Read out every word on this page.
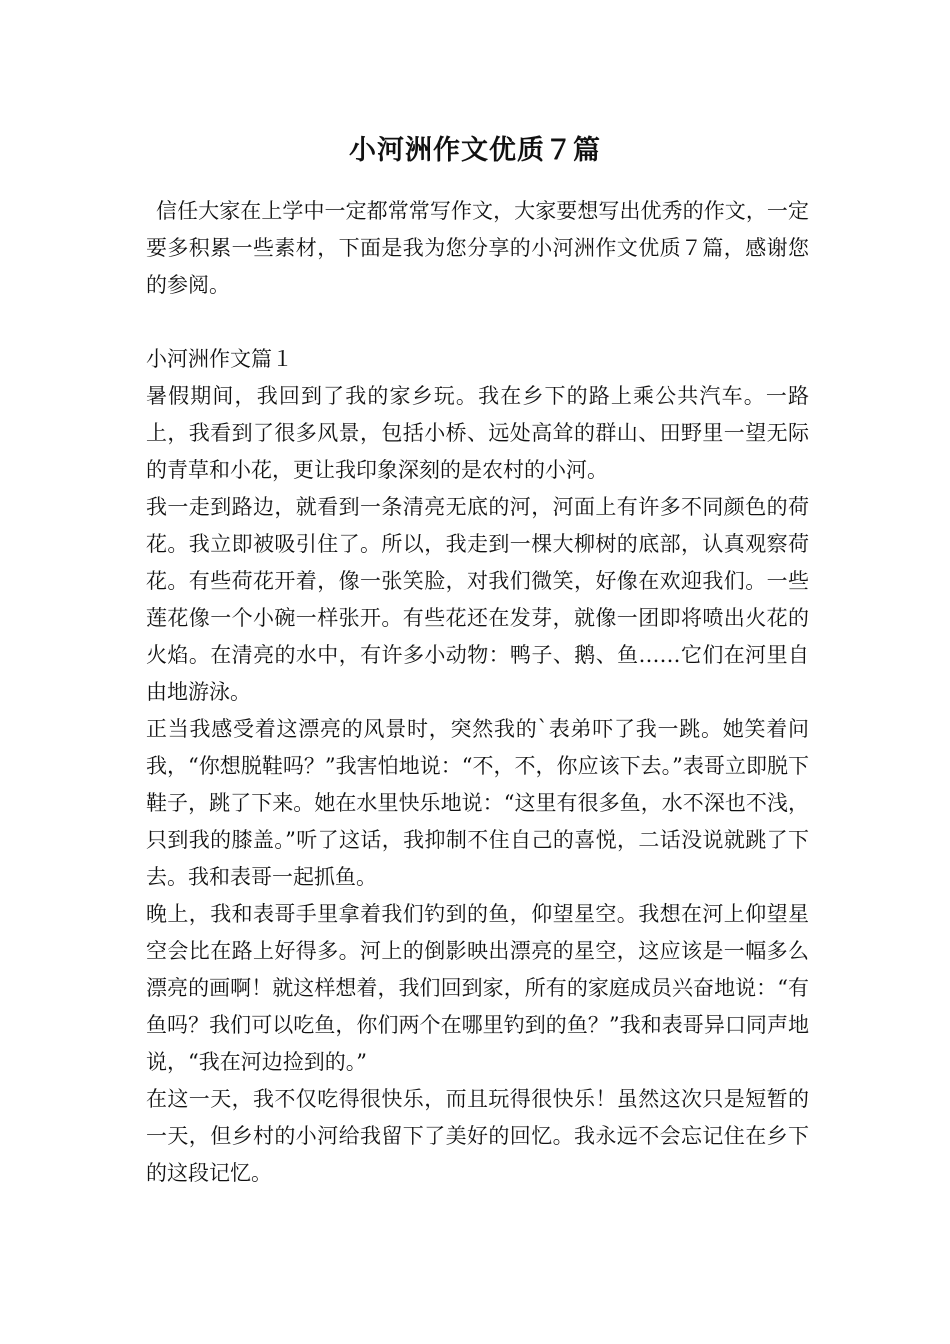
小河洲作文优质７篇

信任大家在上学中一定都常常写作文，大家要想写出优秀的作文，一定要多积累一些素材，下面是我为您分享的小河洲作文优质７篇，感谢您的参阅。

小河洲作文篇１

暑假期间，我回到了我的家乡玩。我在乡下的路上乘公共汽车。一路上，我看到了很多风景，包括小桥、远处高耸的群山、田野里一望无际的青草和小花，更让我印象深刻的是农村的小河。

我一走到路边，就看到一条清亮无底的河，河面上有许多不同颜色的荷花。我立即被吸引住了。所以，我走到一棵大柳树的底部，认真观察荷花。有些荷花开着，像一张笑脸，对我们微笑，好像在欢迎我们。一些莲花像一个小碗一样张开。有些花还在发芽，就像一团即将喷出火花的火焰。在清亮的水中，有许多小动物：鸭子、鹅、鱼……它们在河里自由地游泳。

正当我感受着这漂亮的风景时，突然我的`表弟吓了我一跳。她笑着问我，“你想脱鞋吗？”我害怕地说：“不，不，你应该下去。”表哥立即脱下鞋子，跳了下来。她在水里快乐地说：“这里有很多鱼，水不深也不浅，只到我的膝盖。”听了这话，我抑制不住自己的喜悦，二话没说就跳了下去。我和表哥一起抓鱼。

晚上，我和表哥手里拿着我们钓到的鱼，仰望星空。我想在河上仰望星空会比在路上好得多。河上的倒影映出漂亮的星空，这应该是一幅多么漂亮的画啊！就这样想着，我们回到家，所有的家庭成员兴奋地说：“有鱼吗？我们可以吃鱼，你们两个在哪里钓到的鱼？”我和表哥异口同声地说，“我在河边捡到的。”

在这一天，我不仅吃得很快乐，而且玩得很快乐！虽然这次只是短暂的一天，但乡村的小河给我留下了美好的回忆。我永远不会忘记住在乡下的这段记忆。
